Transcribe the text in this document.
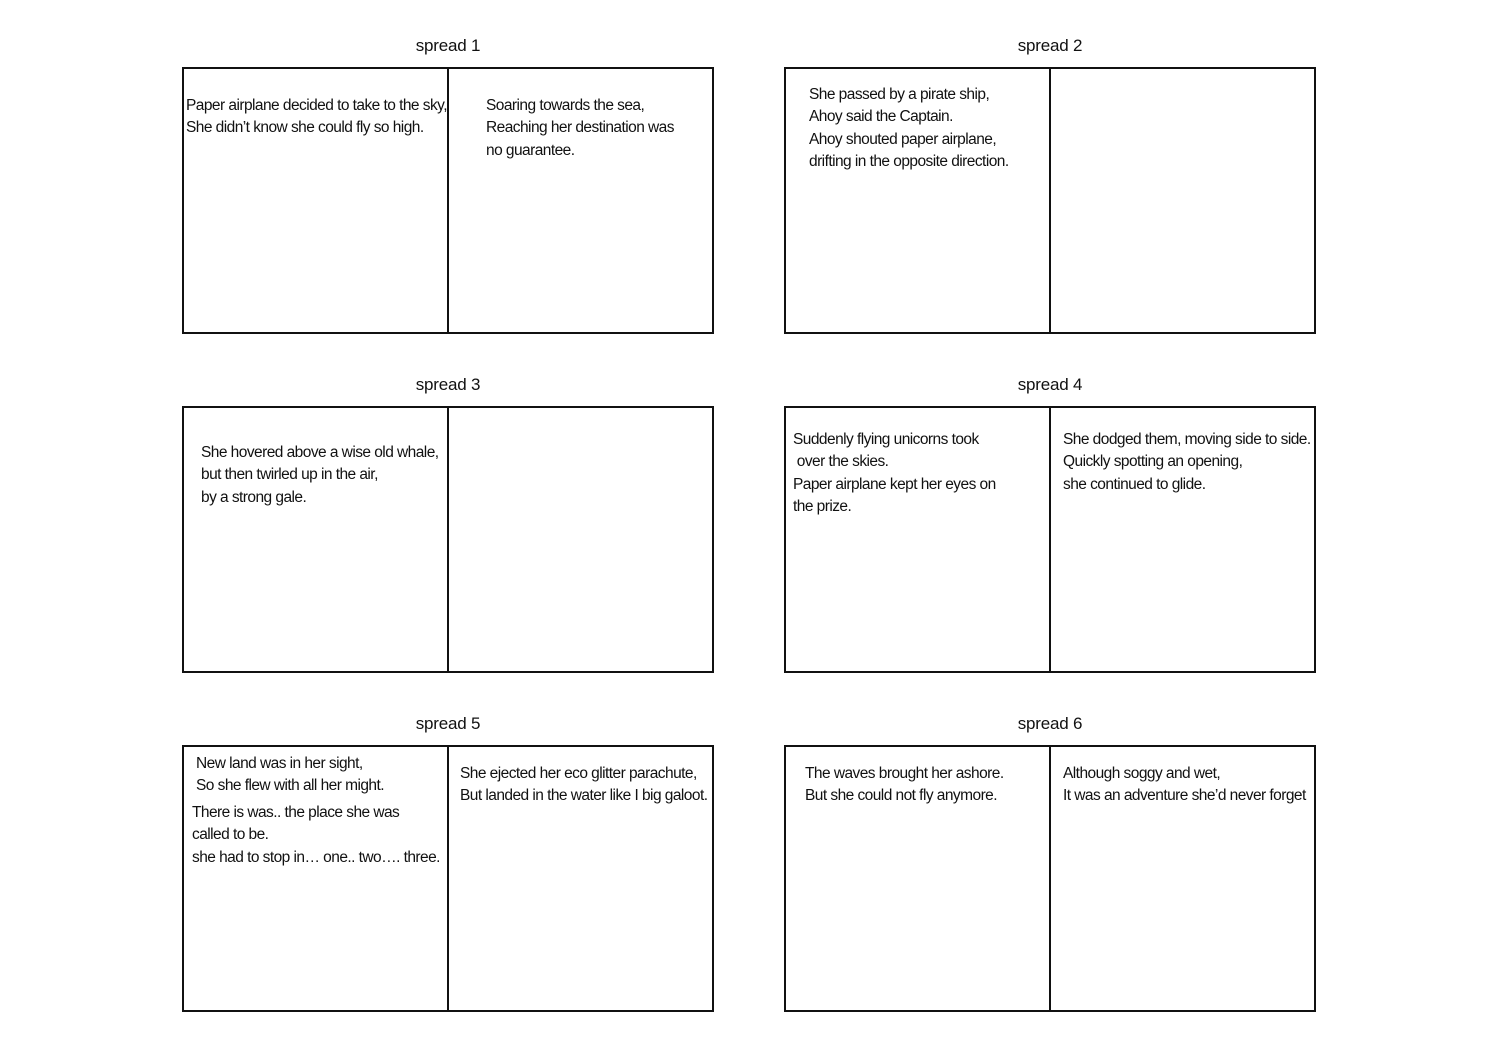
spread 1
Paper airplane decided to take to the sky,
She didn’t know she could fly so high.
Soaring towards the sea,
Reaching her destination was
no guarantee.
spread 2
She passed by a pirate ship,
Ahoy said the Captain.
Ahoy shouted paper airplane,
drifting in the opposite direction.
spread 3
She hovered above a wise old whale,
but then twirled up in the air,
by a strong gale.
spread 4
Suddenly flying unicorns took
over the skies.
Paper airplane kept her eyes on
the prize.
She dodged them, moving side to side.
Quickly spotting an opening,
she continued to glide.
spread 5
New land was in her sight,
So she flew with all her might.
There is was.. the place she was
called to be.
she had to stop in… one.. two…. three.
She ejected her eco glitter parachute,
But landed in the water like I big galoot.
spread 6
The waves brought her ashore.
But she could not fly anymore.
Although soggy and wet,
It was an adventure she’d never forget
